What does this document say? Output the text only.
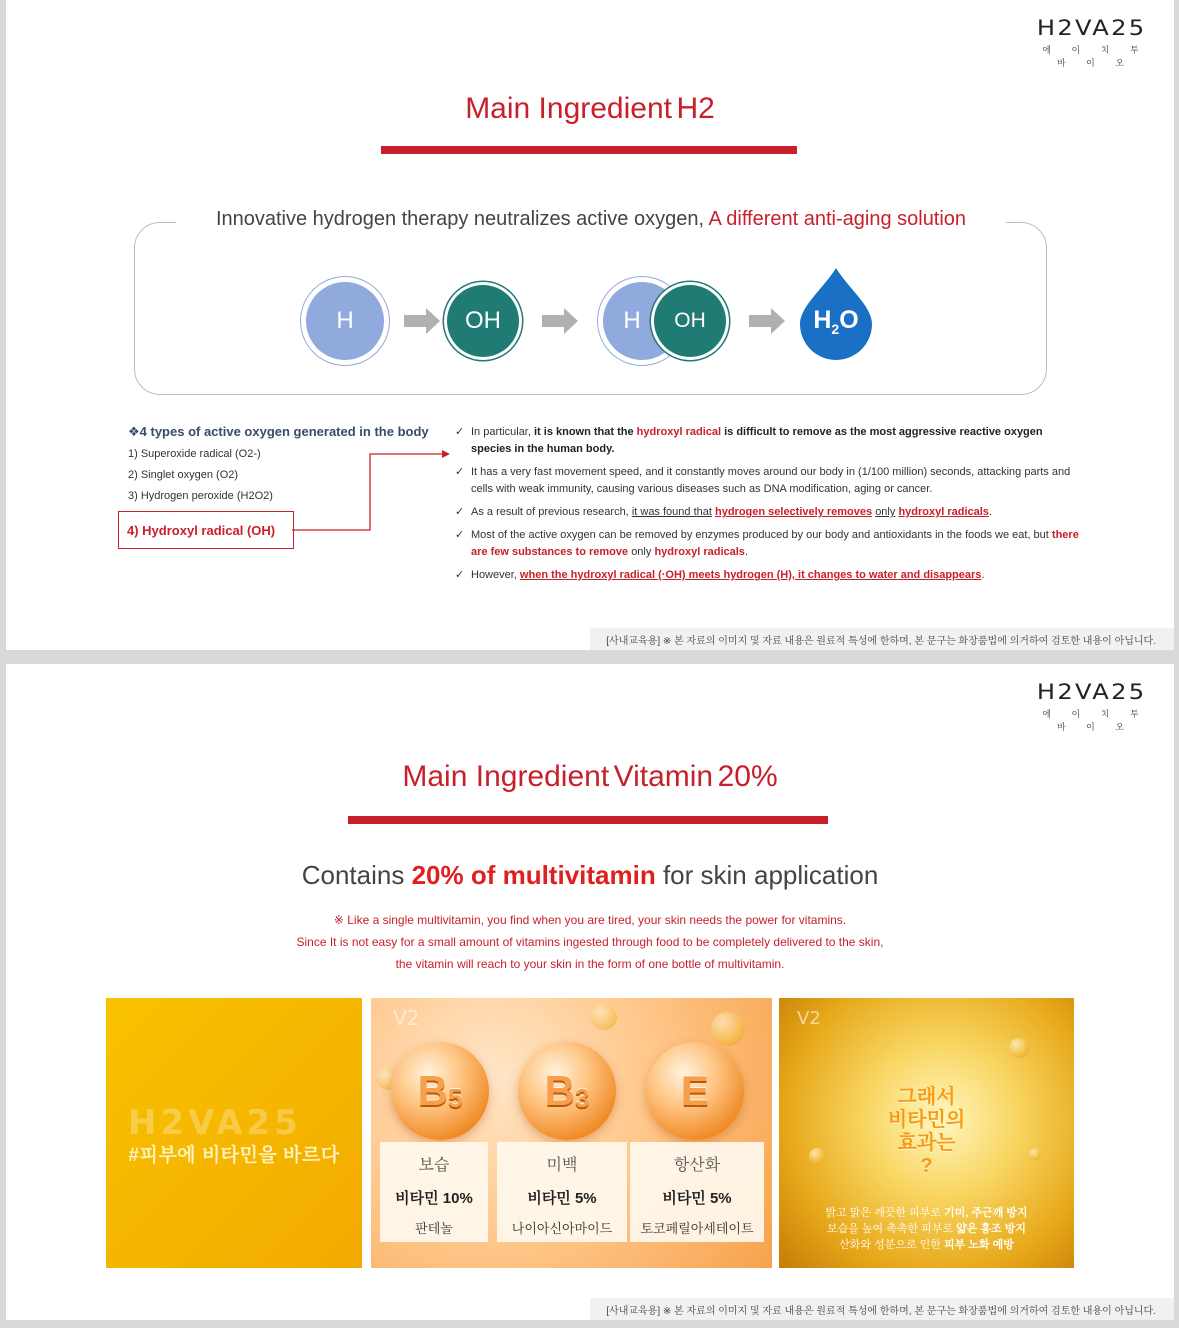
H2VA25
에 이 치 투 바 이 오
Main Ingredient H2
Innovative hydrogen therapy neutralizes active oxygen, A different anti-aging solution
H	OH	H OH	$H_2O$
❖4 types of active oxygen generated in the body
1) Superoxide radical (O2-)
2) Singlet oxygen (O2)
3) Hydrogen peroxide (H2O2)
4) Hydroxyl radical (OH)
✓ In particular, it is known that the hydroxyl radical is difficult to remove as the most aggressive reactive oxygen species in the human body.
✓ It has a very fast movement speed, and it constantly moves around our body in (1/100 million) seconds, attacking parts and cells with weak immunity, causing various diseases such as DNA modification, aging or cancer.
✓ As a result of previous research, it was found that hydrogen selectively removes only hydroxyl radicals.
✓ Most of the active oxygen can be removed by enzymes produced by our body and antioxidants in the foods we eat, but there are few substances to remove only hydroxyl radicals.
✓ However, when the hydroxyl radical (·OH) meets hydrogen (H), it changes to water and disappears.
[사내교육용] ※ 본 자료의 이미지 및 자료 내용은 원료적 특성에 한하며, 본 문구는 화장품법에 의거하여 검토한 내용이 아닙니다.
H2VA25
에 이 치 투 바 이 오
Main Ingredient Vitamin 20%
Contains 20% of multivitamin for skin application
※ Like a single multivitamin, you find when you are tired, your skin needs the power for vitamins.
Since It is not easy for a small amount of vitamins ingested through food to be completely delivered to the skin,
the vitamin will reach to your skin in the form of one bottle of multivitamin.
H2VA25
#피부에 비타민을 바르다
V2
B 5 B 3 E
보습
비타민 10%
판테놀
미백
비타민 5%
나이아신아마이드
항산화
비타민 5%
토코페릴아세테이트
V2
그래서
비타민의
효과는
?
밝고 맑은 깨끗한 피부로 기미, 주근깨 방지
보습을 높여 촉촉한 피부로 얇은 홍조 방지
산화와 성분으로 인한 피부 노화 예방
[사내교육용] ※ 본 자료의 이미지 및 자료 내용은 원료적 특성에 한하며, 본 문구는 화장품법에 의거하여 검토한 내용이 아닙니다.
